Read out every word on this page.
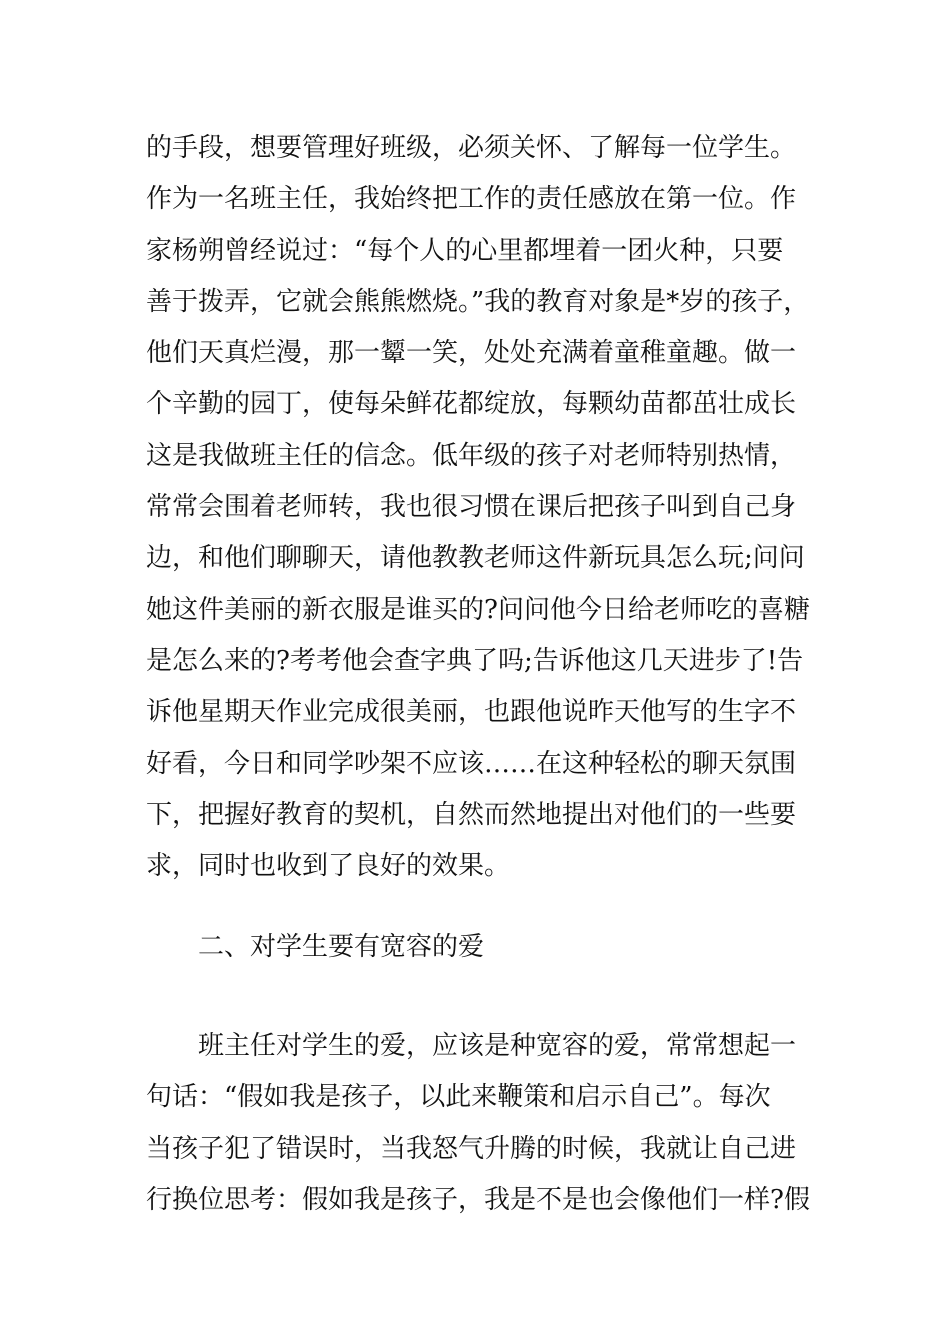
的手段，想要管理好班级，必须关怀、了解每一位学生。
作为一名班主任，我始终把工作的责任感放在第一位。作
家杨朔曾经说过：“每个人的心里都埋着一团火种，只要
善于拨弄，它就会熊熊燃烧。”我的教育对象是*岁的孩子，
他们天真烂漫，那一颦一笑，处处充满着童稚童趣。做一
个辛勤的园丁，使每朵鲜花都绽放，每颗幼苗都茁壮成长
这是我做班主任的信念。低年级的孩子对老师特别热情，
常常会围着老师转，我也很习惯在课后把孩子叫到自己身
边，和他们聊聊天，请他教教老师这件新玩具怎么玩;问问
她这件美丽的新衣服是谁买的?问问他今日给老师吃的喜糖
是怎么来的?考考他会查字典了吗;告诉他这几天进步了!告
诉他星期天作业完成很美丽，也跟他说昨天他写的生字不
好看，今日和同学吵架不应该……在这种轻松的聊天氛围
下，把握好教育的契机，自然而然地提出对他们的一些要
求，同时也收到了良好的效果。

二、对学生要有宽容的爱

班主任对学生的爱，应该是种宽容的爱，常常想起一
句话：“假如我是孩子，以此来鞭策和启示自己”。每次
当孩子犯了错误时，当我怒气升腾的时候，我就让自己进
行换位思考：假如我是孩子，我是不是也会像他们一样?假
